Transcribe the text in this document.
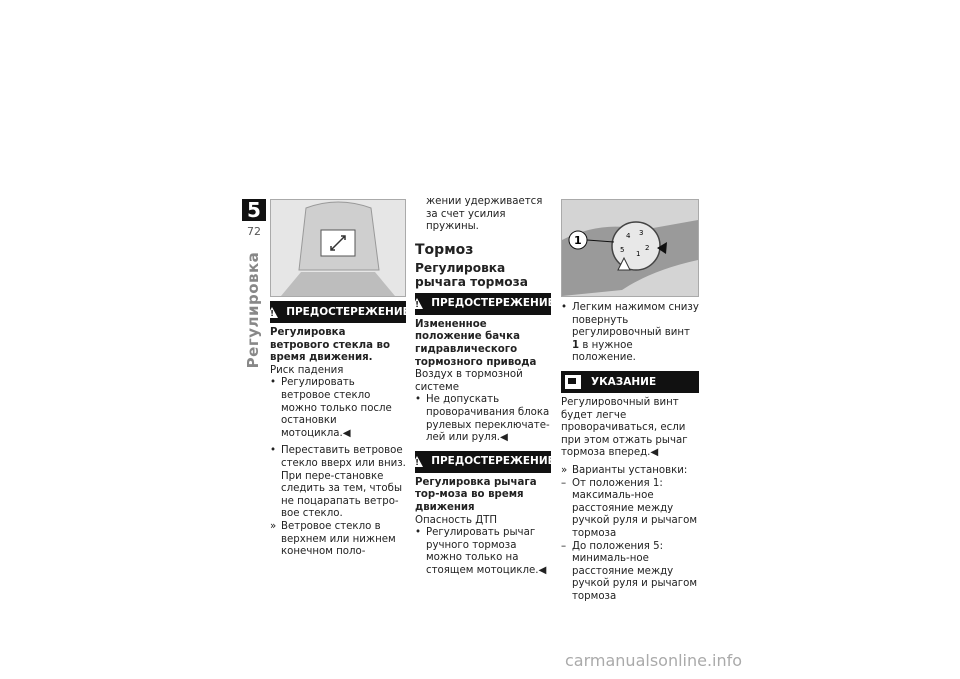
5
72
Регулировка
! ПРЕДОСТЕРЕЖЕНИЕ

Регулировка ветрового стекла во время движения.

Риск падения

• Регулировать ветровое стекло можно только после остановки мотоцикла.◀
• Переставить ветровое стекло вверх или вниз. При пере-становке следить за тем, чтобы не поцарапать ветро-вое стекло.
» Ветровое стекло в верхнем или нижнем конечном поло-

жении удерживается за счет усилия пружины.

Тормоз
Регулировка рычага тормоза
!
ПРЕДОСТЕРЕЖЕНИЕ

Измененное положение бачка гидравлического тормозного привода

Воздух в тормозной системе

• Не допускать проворачивания блока рулевых переключате-лей или руля.◀
!
ПРЕДОСТЕРЕЖЕНИЕ

Регулировка рычага тор-моза во время движения

Опасность ДТП

• Регулировать рычаг ручного тормоза можно только на стоящем мотоцикле.◀
4 3
2
1
5
1
• Легким нажимом снизу повернуть регулировочный винт 1 в нужное положение.
УКАЗАНИЕ

Регулировочный винт будет легче проворачиваться, если при этом отжать рычаг тормоза вперед.◀

» Варианты установки:
– От положения 1: максималь-ное расстояние между ручкой руля и рычагом тормоза
– До положения 5: минималь-ное расстояние между ручкой руля и рычагом тормоза
carmanualsonline.info
